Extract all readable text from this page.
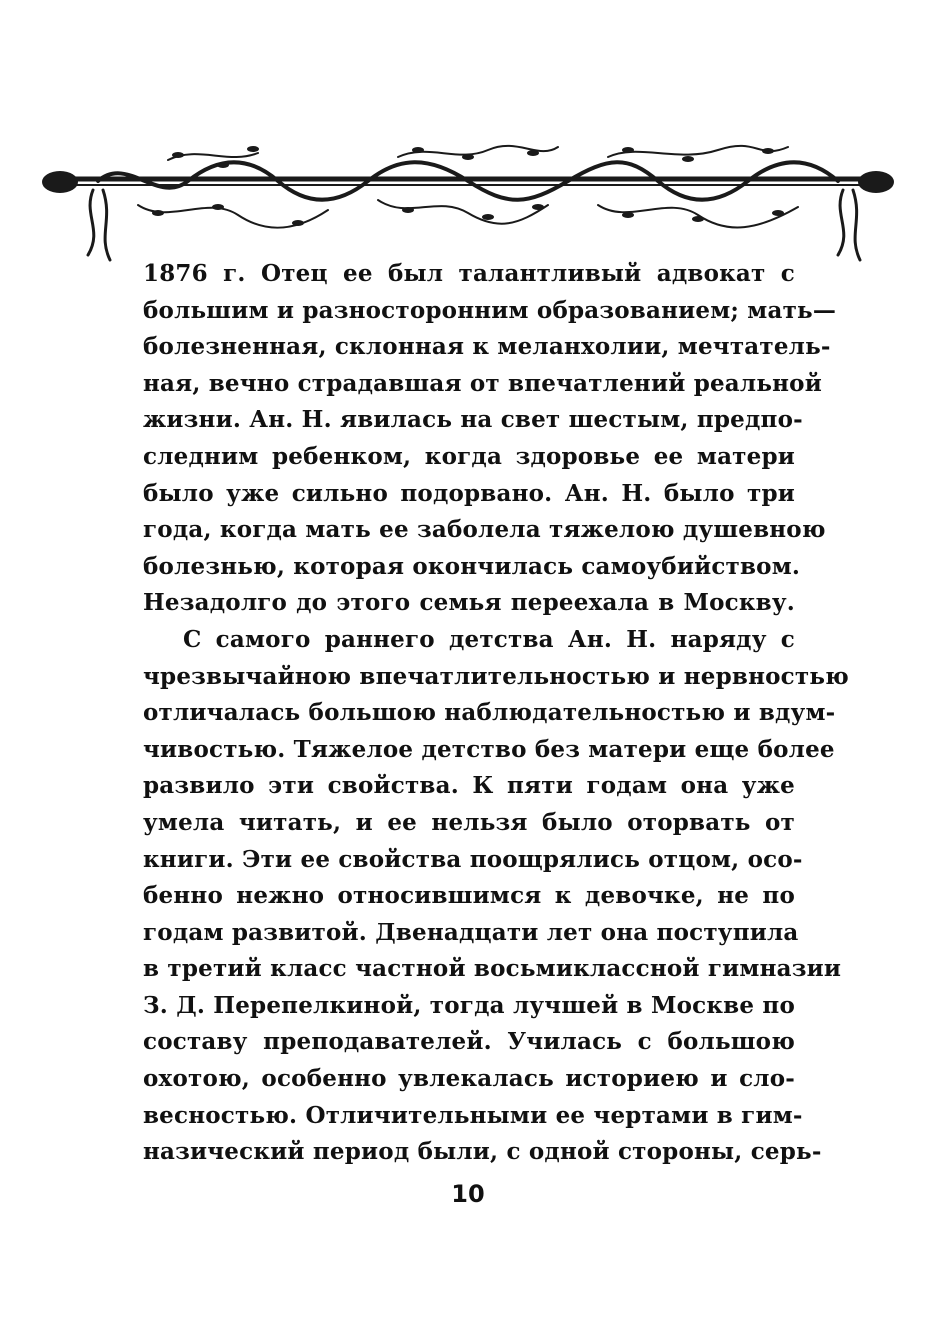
1876 г. Отец ее был талантливый адвокат с
большим и разносторонним образованием; мать—
болезненная, склонная к меланхолии, мечтатель-
ная, вечно страдавшая от впечатлений реальной
жизни. Ан. Н. явилась на свет шестым, предпо-
следним ребенком, когда здоровье ее матери
было уже сильно подорвано. Ан. Н. было три
года, когда мать ее заболела тяжелою душевною
болезнью, которая окончилась самоубийством.
Незадолго до этого семья переехала в Москву.
С самого раннего детства Ан. Н. наряду с
чрезвычайною впечатлительностью и нервностью
отличалась большою наблюдательностью и вдум-
чивостью. Тяжелое детство без матери еще более
развило эти свойства. К пяти годам она уже
умела читать, и ее нельзя было оторвать от
книги. Эти ее свойства поощрялись отцом, осо-
бенно нежно относившимся к девочке, не по
годам развитой. Двенадцати лет она поступила
в третий класс частной восьмиклассной гимназии
З. Д. Перепелкиной, тогда лучшей в Москве по
составу преподавателей. Училась с большою
охотою, особенно увлекалась историею и сло-
весностью. Отличительными ее чертами в гим-
назический период были, с одной стороны, серь-
10
